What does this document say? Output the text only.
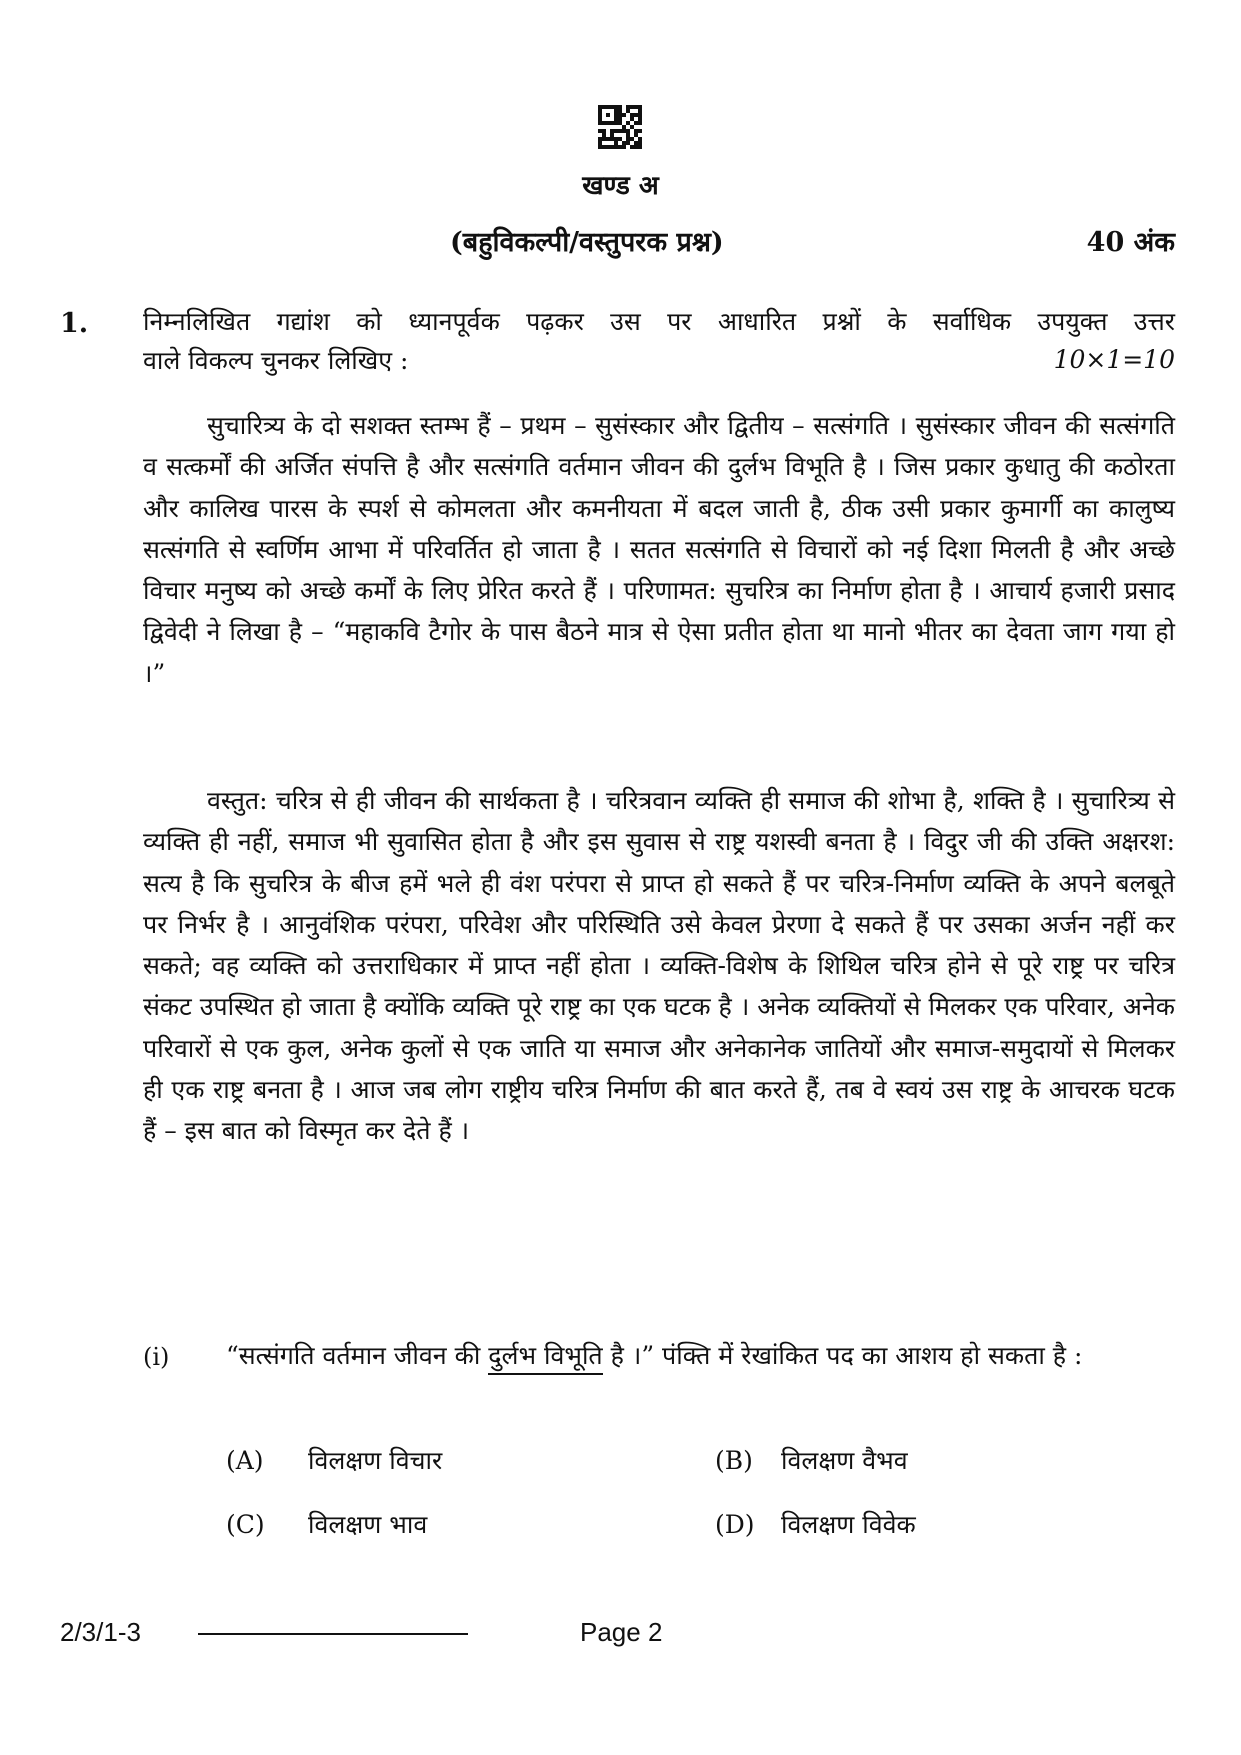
खण्ड अ
(बहुविकल्पी/वस्तुपरक प्रश्न)	40 अंक
1. निम्नलिखित गद्यांश को ध्यानपूर्वक पढ़कर उस पर आधारित प्रश्नों के सर्वाधिक उपयुक्त उत्तर
वाले विकल्प चुनकर लिखिए :	10×1=10

सुचारित्र्य के दो सशक्त स्तम्भ हैं – प्रथम – सुसंस्कार और द्वितीय – सत्संगति । सुसंस्कार जीवन की सत्संगति व सत्कर्मों की अर्जित संपत्ति है और सत्संगति वर्तमान जीवन की दुर्लभ विभूति है । जिस प्रकार कुधातु की कठोरता और कालिख पारस के स्पर्श से कोमलता और कमनीयता में बदल जाती है, ठीक उसी प्रकार कुमार्गी का कालुष्य सत्संगति से स्वर्णिम आभा में परिवर्तित हो जाता है । सतत सत्संगति से विचारों को नई दिशा मिलती है और अच्छे विचार मनुष्य को अच्छे कर्मों के लिए प्रेरित करते हैं । परिणामत: सुचरित्र का निर्माण होता है । आचार्य हजारी प्रसाद द्विवेदी ने लिखा है – “महाकवि टैगोर के पास बैठने मात्र से ऐसा प्रतीत होता था मानो भीतर का देवता जाग गया हो ।”

वस्तुत: चरित्र से ही जीवन की सार्थकता है । चरित्रवान व्यक्ति ही समाज की शोभा है, शक्ति है । सुचारित्र्य से व्यक्ति ही नहीं, समाज भी सुवासित होता है और इस सुवास से राष्ट्र यशस्वी बनता है । विदुर जी की उक्ति अक्षरश: सत्य है कि सुचरित्र के बीज हमें भले ही वंश परंपरा से प्राप्त हो सकते हैं पर चरित्र-निर्माण व्यक्ति के अपने बलबूते पर निर्भर है । आनुवंशिक परंपरा, परिवेश और परिस्थिति उसे केवल प्रेरणा दे सकते हैं पर उसका अर्जन नहीं कर सकते; वह व्यक्ति को उत्तराधिकार में प्राप्त नहीं होता । व्यक्ति-विशेष के शिथिल चरित्र होने से पूरे राष्ट्र पर चरित्र संकट उपस्थित हो जाता है क्योंकि व्यक्ति पूरे राष्ट्र का एक घटक है । अनेक व्यक्तियों से मिलकर एक परिवार, अनेक परिवारों से एक कुल, अनेक कुलों से एक जाति या समाज और अनेकानेक जातियों और समाज-समुदायों से मिलकर ही एक राष्ट्र बनता है । आज जब लोग राष्ट्रीय चरित्र निर्माण की बात करते हैं, तब वे स्वयं उस राष्ट्र के आचरक घटक हैं – इस बात को विस्मृत कर देते हैं ।

(i) “सत्संगति वर्तमान जीवन की दुर्लभ विभूति है ।” पंक्ति में रेखांकित पद का आशय हो सकता है :

(A) विलक्षण विचार	(B) विलक्षण वैभव
(C) विलक्षण भाव	(D) विलक्षण विवेक
2/3/1-3	Page 2
